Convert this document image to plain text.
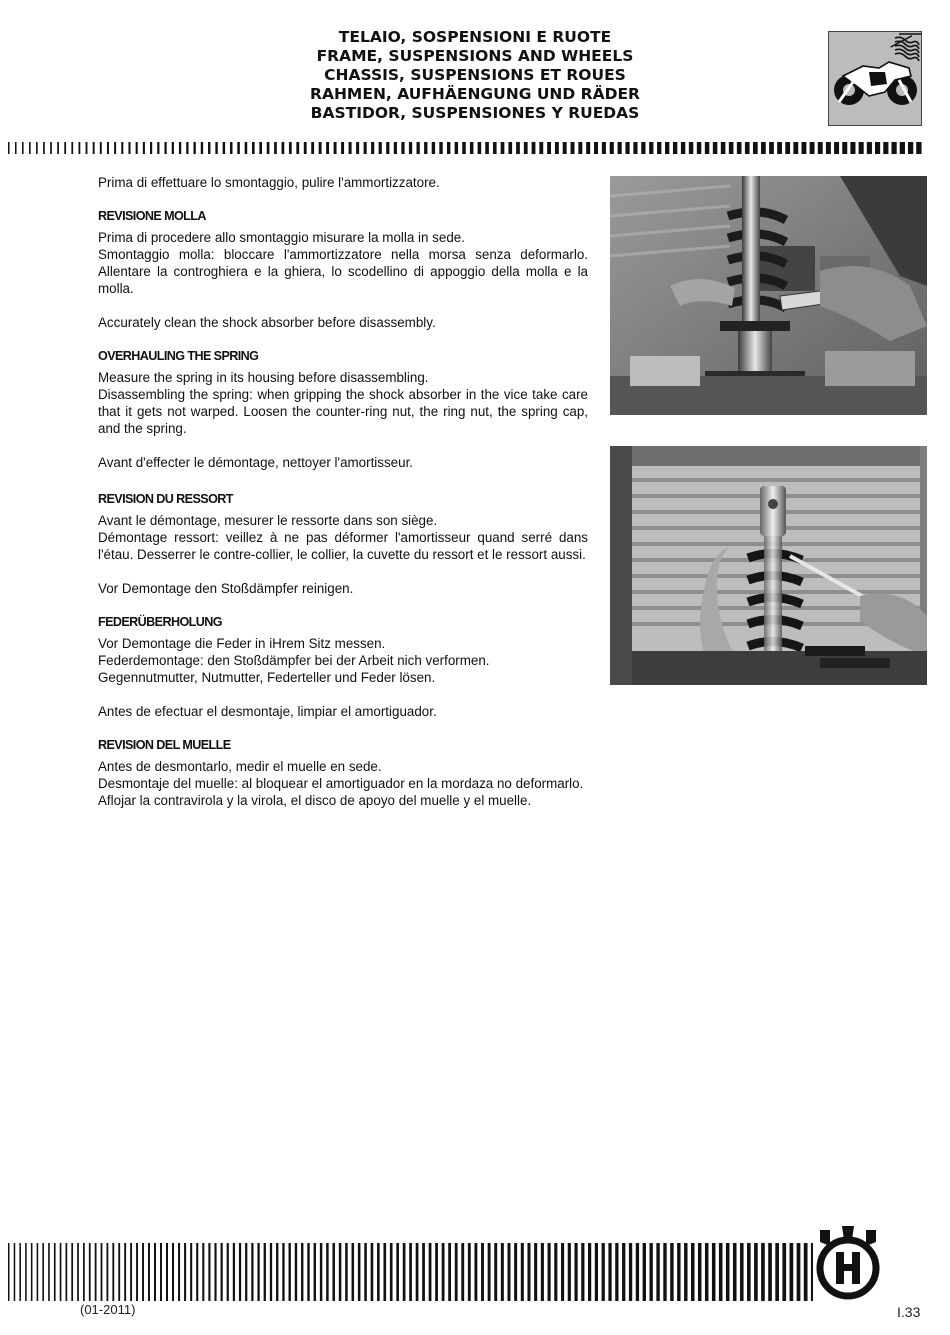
TELAIO, SOSPENSIONI E RUOTE
FRAME, SUSPENSIONS AND WHEELS
CHASSIS, SUSPENSIONS ET ROUES
RAHMEN, AUFHÄENGUNG UND RÄDER
BASTIDOR, SUSPENSIONES Y RUEDAS

Prima di effettuare lo smontaggio, pulire l'ammortizzatore.

REVISIONE MOLLA

Prima di procedere allo smontaggio misurare la molla in sede.

Smontaggio molla: bloccare l'ammortizzatore nella morsa senza deformarlo. Allentare la controghiera e la ghiera, lo scodellino di appoggio della molla e la molla.

Accurately clean the shock absorber before disassembly.

OVERHAULING THE SPRING

Measure the spring in its housing before disassembling.

Disassembling the spring: when gripping the shock absorber in the vice take care that it gets not warped. Loosen the counter-ring nut, the ring nut, the spring cap, and the spring.

Avant d'effecter le démontage, nettoyer l'amortisseur.

REVISION DU RESSORT

Avant le démontage, mesurer le ressorte dans son siège.

Démontage ressort: veillez à ne pas déformer l'amortisseur quand serré dans l'étau. Desserrer le contre-collier, le collier, la cuvette du ressort et le ressort aussi.

Vor Demontage den Stoßdämpfer reinigen.

FEDERÜBERHOLUNG

Vor Demontage die Feder in iHrem Sitz messen.

Federdemontage: den Stoßdämpfer bei der Arbeit nich verformen.

Gegennutmutter, Nutmutter, Federteller und Feder lösen.

Antes de efectuar el desmontaje, limpiar el amortiguador.

REVISION DEL MUELLE

Antes de desmontarlo, medir el muelle en sede.

Desmontaje del muelle: al bloquear el amortiguador en la mordaza no deformarlo.

Aflojar la contravirola y la virola, el disco de apoyo del muelle y el muelle.

(01-2011)	I.33
